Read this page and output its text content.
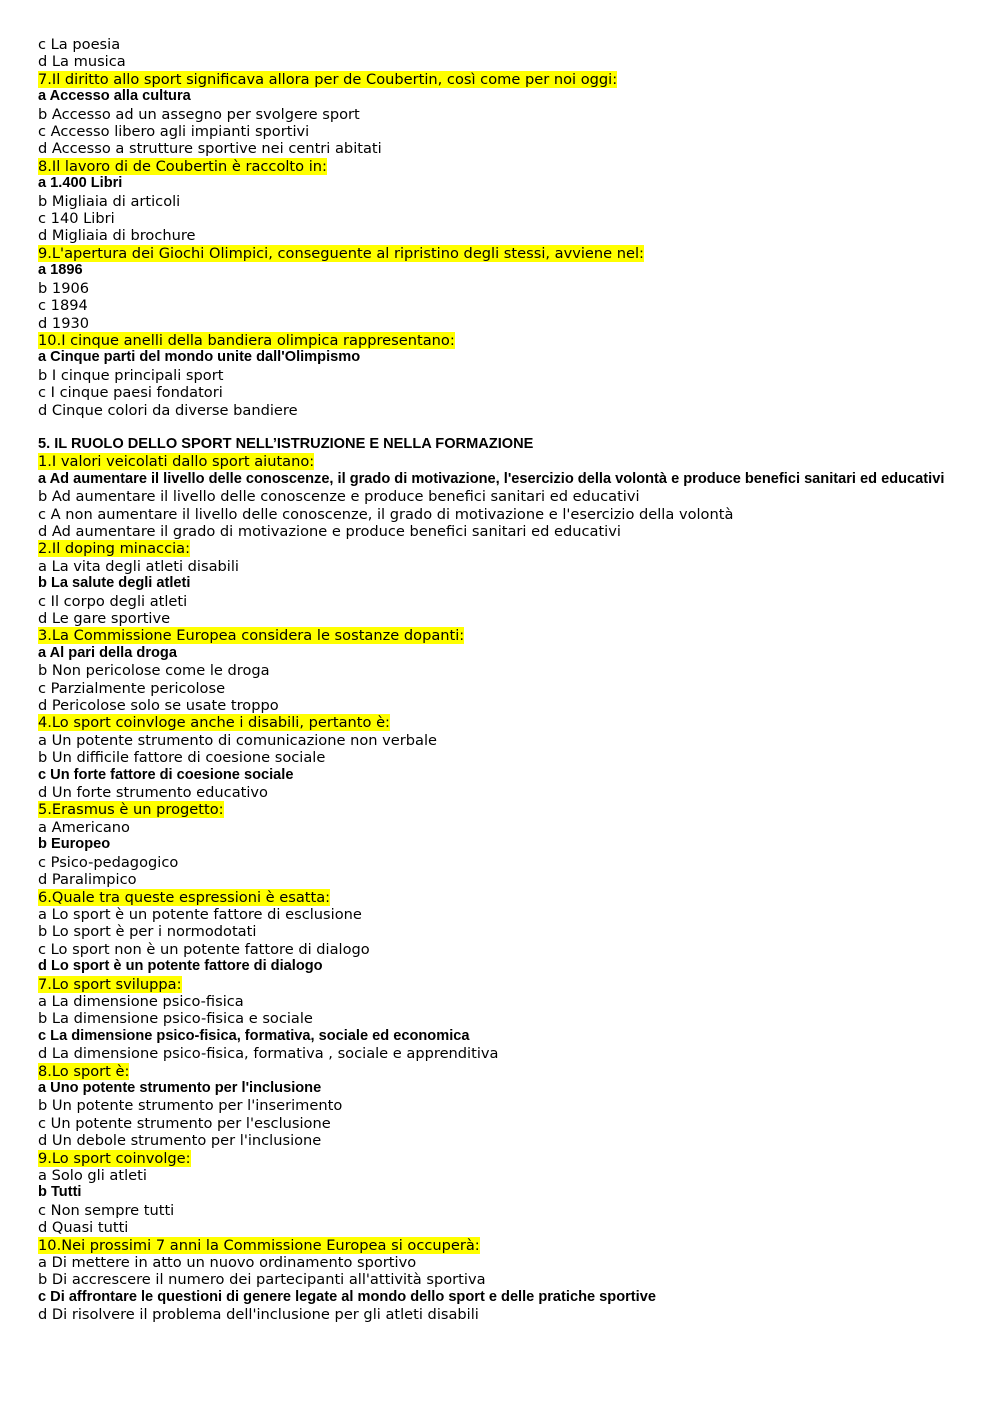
c La poesia
d La musica
7.Il diritto allo sport significava allora per de Coubertin, così come per noi oggi:
a Accesso alla cultura
b Accesso ad un assegno per svolgere sport
c Accesso libero agli impianti sportivi
d Accesso a strutture sportive nei centri abitati
8.Il lavoro di de Coubertin è raccolto in:
a 1.400 Libri
b Migliaia di articoli
c 140 Libri
d Migliaia di brochure
9.L'apertura dei Giochi Olimpici, conseguente al ripristino degli stessi, avviene nel:
a 1896
b 1906
c 1894
d 1930
10.I cinque anelli della bandiera olimpica rappresentano:
a Cinque parti del mondo unite dall'Olimpismo
b I cinque principali sport
c I cinque paesi fondatori
d Cinque colori da diverse bandiere
5. IL RUOLO DELLO SPORT NELL’ISTRUZIONE E NELLA FORMAZIONE
1.I valori veicolati dallo sport aiutano:
a Ad aumentare il livello delle conoscenze, il grado di motivazione, l'esercizio della volontà e produce benefici sanitari ed educativi
b Ad aumentare il livello delle conoscenze e produce benefici sanitari ed educativi
c A non aumentare il livello delle conoscenze, il grado di motivazione e l'esercizio della volontà
d Ad aumentare il grado di motivazione e produce benefici sanitari ed educativi
2.Il doping minaccia:
a La vita degli atleti disabili
b La salute degli atleti
c Il corpo degli atleti
d Le gare sportive
3.La Commissione Europea considera le sostanze dopanti:
a Al pari della droga
b Non pericolose come le droga
c Parzialmente pericolose
d Pericolose solo se usate troppo
4.Lo sport coinvloge anche i disabili, pertanto è:
a Un potente strumento di comunicazione non verbale
b Un difficile fattore di coesione sociale
c Un forte fattore di coesione sociale
d Un forte strumento educativo
5.Erasmus è un progetto:
a Americano
b Europeo
c Psico-pedagogico
d Paralimpico
6.Quale tra queste espressioni è esatta:
a Lo sport è un potente fattore di esclusione
b Lo sport è per i normodotati
c Lo sport non è un potente fattore di dialogo
d Lo sport è un potente fattore di dialogo
7.Lo sport sviluppa:
a La dimensione psico-fisica
b La dimensione psico-fisica e sociale
c La dimensione psico-fisica, formativa, sociale ed economica
d La dimensione psico-fisica, formativa , sociale e apprenditiva
8.Lo sport è:
a Uno potente strumento per l'inclusione
b Un potente strumento per l'inserimento
c Un potente strumento per l'esclusione
d Un debole strumento per l'inclusione
9.Lo sport coinvolge:
a Solo gli atleti
b Tutti
c Non sempre tutti
d Quasi tutti
10.Nei prossimi 7 anni la Commissione Europea si occuperà:
a Di mettere in atto un nuovo ordinamento sportivo
b Di accrescere il numero dei partecipanti all'attività sportiva
c Di affrontare le questioni di genere legate al mondo dello sport e delle pratiche sportive
d Di risolvere il problema dell'inclusione per gli atleti disabili
